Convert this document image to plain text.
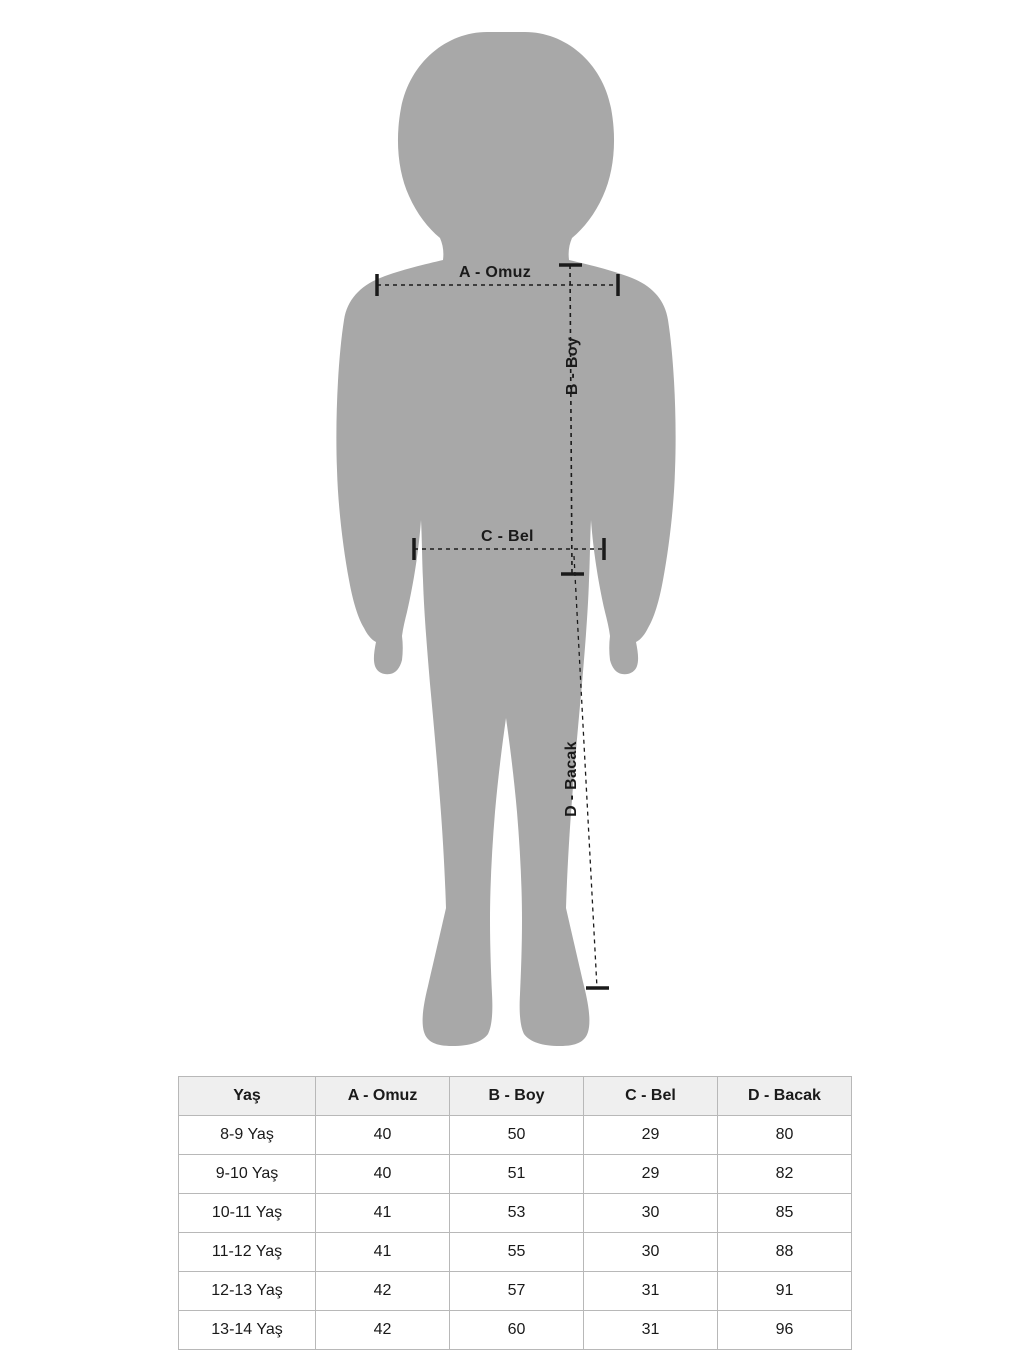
A - Omuz
C - Bel
B - Boy
D - Bacak
Yaş	A - Omuz	B - Boy	C - Bel	D - Bacak
8-9 Yaş	40	50	29	80
9-10 Yaş	40	51	29	82
10-11 Yaş	41	53	30	85
11-12 Yaş	41	55	30	88
12-13 Yaş	42	57	31	91
13-14 Yaş	42	60	31	96
